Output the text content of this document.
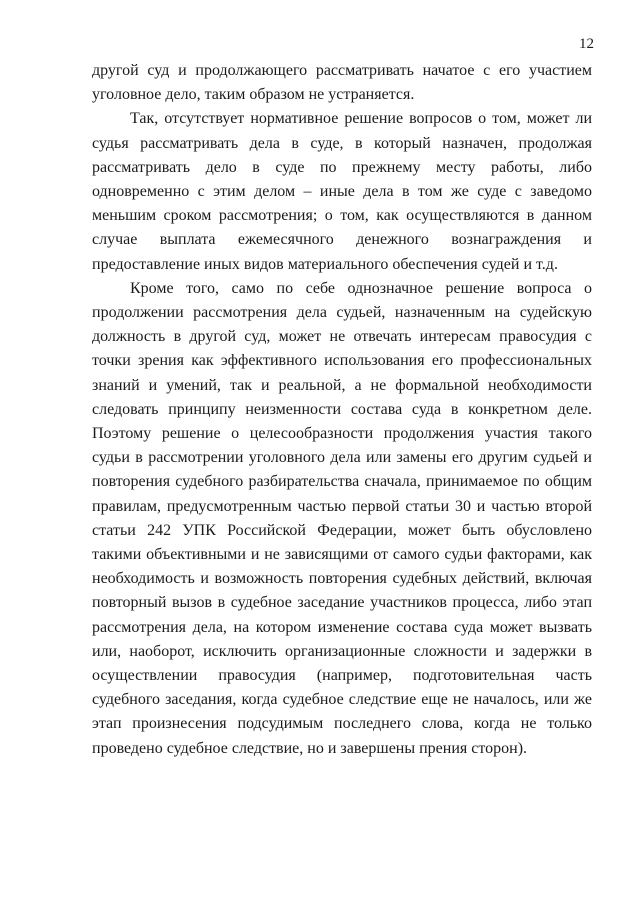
12

другой суд и продолжающего рассматривать начатое с его участием уголовное дело, таким образом не устраняется.

Так, отсутствует нормативное решение вопросов о том, может ли судья рассматривать дела в суде, в который назначен, продолжая рассматривать дело в суде по прежнему месту работы, либо одновременно с этим делом – иные дела в том же суде с заведомо меньшим сроком рассмотрения; о том, как осуществляются в данном случае выплата ежемесячного денежного вознаграждения и предоставление иных видов материального обеспечения судей и т.д.

Кроме того, само по себе однозначное решение вопроса о продолжении рассмотрения дела судьей, назначенным на судейскую должность в другой суд, может не отвечать интересам правосудия с точки зрения как эффективного использования его профессиональных знаний и умений, так и реальной, а не формальной необходимости следовать принципу неизменности состава суда в конкретном деле. Поэтому решение о целесообразности продолжения участия такого судьи в рассмотрении уголовного дела или замены его другим судьей и повторения судебного разбирательства сначала, принимаемое по общим правилам, предусмотренным частью первой статьи 30 и частью второй статьи 242 УПК Российской Федерации, может быть обусловлено такими объективными и не зависящими от самого судьи факторами, как необходимость и возможность повторения судебных действий, включая повторный вызов в судебное заседание участников процесса, либо этап рассмотрения дела, на котором изменение состава суда может вызвать или, наоборот, исключить организационные сложности и задержки в осуществлении правосудия (например, подготовительная часть судебного заседания, когда судебное следствие еще не началось, или же этап произнесения подсудимым последнего слова, когда не только проведено судебное следствие, но и завершены прения сторон).
